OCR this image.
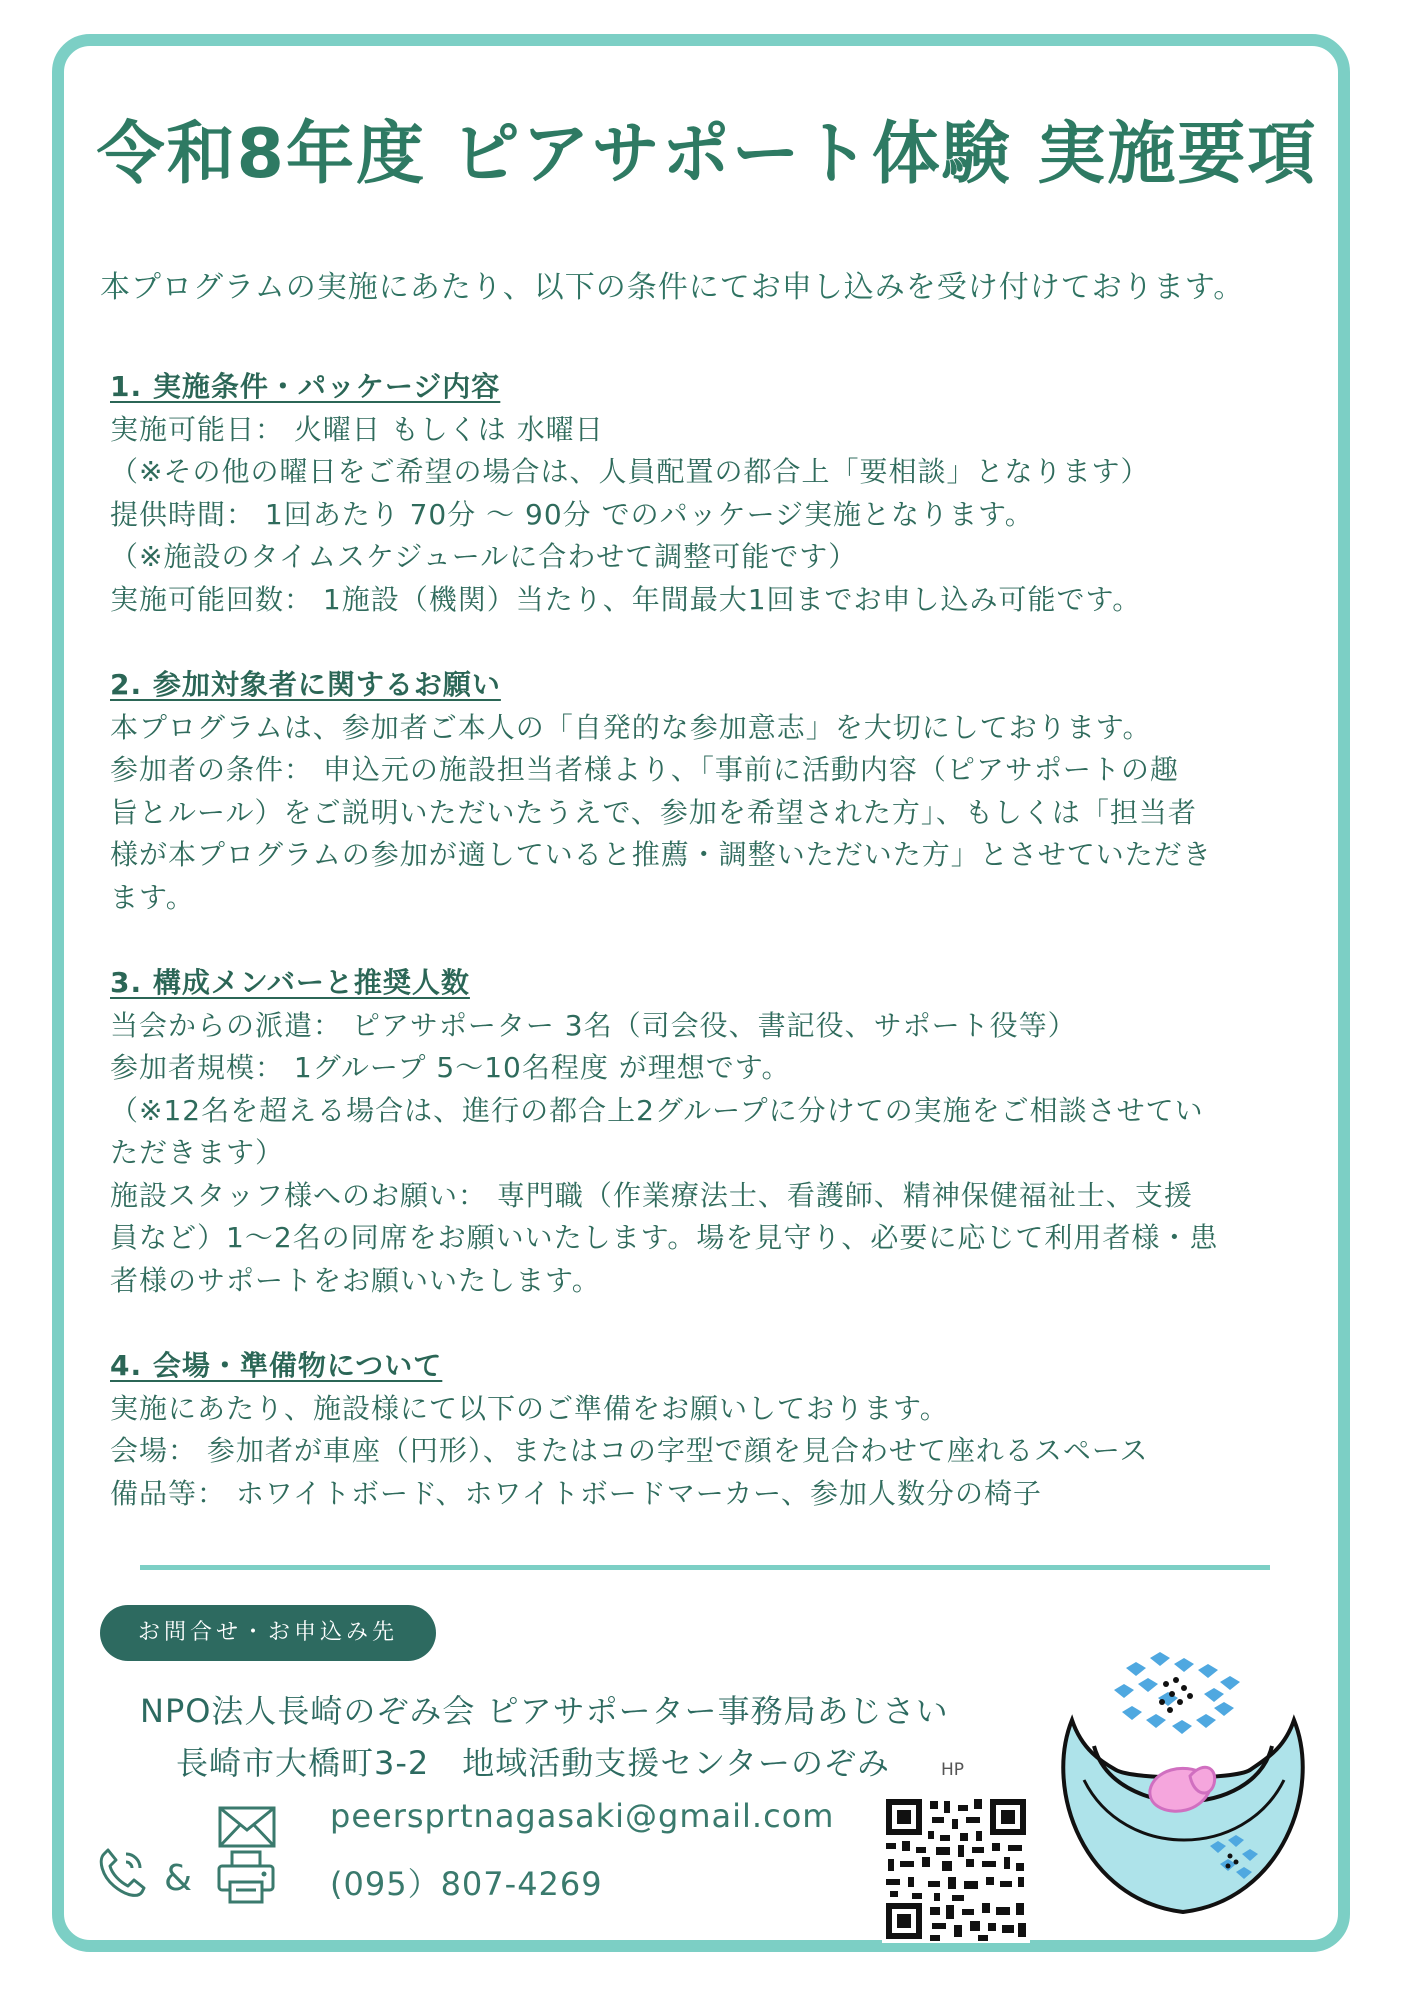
令和8年度 ピアサポート体験 実施要項
本プログラムの実施にあたり、以下の条件にてお申し込みを受け付けております。
1. 実施条件・パッケージ内容
実施可能日： 火曜日 もしくは 水曜日
（※その他の曜日をご希望の場合は、人員配置の都合上「要相談」となります）
提供時間： 1回あたり 70分 〜 90分 でのパッケージ実施となります。
（※施設のタイムスケジュールに合わせて調整可能です）
実施可能回数： 1施設（機関）当たり、年間最大1回までお申し込み可能です。
2. 参加対象者に関するお願い
本プログラムは、参加者ご本人の「自発的な参加意志」を大切にしております。
参加者の条件： 申込元の施設担当者様より、「事前に活動内容（ピアサポートの趣
旨とルール）をご説明いただいたうえで、参加を希望された方」、もしくは「担当者
様が本プログラムの参加が適していると推薦・調整いただいた方」とさせていただき
ます。
3. 構成メンバーと推奨人数
当会からの派遣： ピアサポーター 3名（司会役、書記役、サポート役等）
参加者規模： 1グループ 5〜10名程度 が理想です。
（※12名を超える場合は、進行の都合上2グループに分けての実施をご相談させてい
ただきます）
施設スタッフ様へのお願い： 専門職（作業療法士、看護師、精神保健福祉士、支援
員など）1〜2名の同席をお願いいたします。場を見守り、必要に応じて利用者様・患
者様のサポートをお願いいたします。
4. 会場・準備物について
実施にあたり、施設様にて以下のご準備をお願いしております。
会場： 参加者が車座（円形）、またはコの字型で顔を見合わせて座れるスペース
備品等： ホワイトボード、ホワイトボードマーカー、参加人数分の椅子
お問合せ・お申込み先
NPO法人長崎のぞみ会 ピアサポーター事務局あじさい
長崎市大橋町3-2　地域活動支援センターのぞみ	HP
peersprtnagasaki@gmail.com
&	(095）807-4269
